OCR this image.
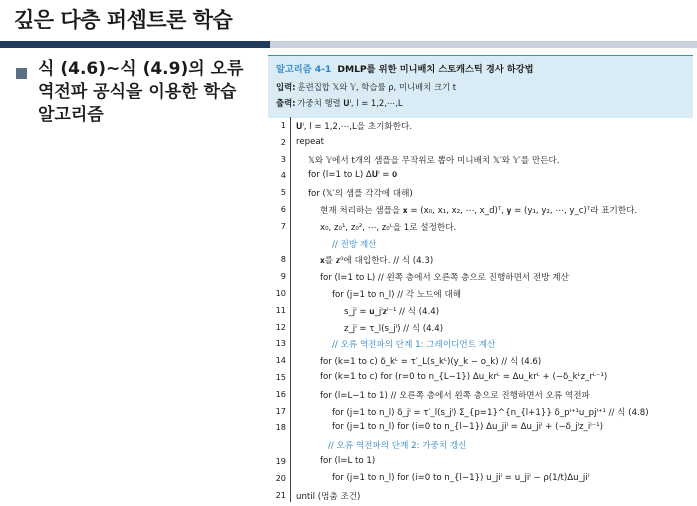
깊은 다층 퍼셉트론 학습
식 (4.6)~식 (4.9)의 오류 역전파 공식을 이용한 학습 알고리즘
알고리즘 4-1 DMLP를 위한 미니배치 스토캐스틱 경사 하강법
입력: 훈련집합 𝕏와 𝕐, 학습률 ρ, 미니배치 크기 t
출력: 가중치 행렬 𝐔ˡ, l = 1,2,⋯,L
1 𝐔ˡ, l = 1,2,⋯,L을 초기화한다.
2 repeat
3	𝕏와 𝕐에서 t개의 샘플을 무작위로 뽑아 미니배치 𝕏′와 𝕐′를 만든다.
4	for (l=1 to L) Δ𝐔ˡ = 𝟎
5	for (𝕏′의 샘플 각각에 대해)
6	현재 처리하는 샘플을 𝐱 = (x₀, x₁, x₂, ⋯, x_d)ᵀ, 𝐲 = (y₁, y₂, ⋯, y_c)ᵀ라 표기한다.
7	x₀, z₀¹, z₀², ⋯, z₀ᴸ을 1로 설정한다.
// 전방 계산
8	𝐱를 𝐳⁰에 대입한다. // 식 (4.3)
9	for (l=1 to L) // 왼쪽 층에서 오른쪽 층으로 진행하면서 전방 계산
10	for (j=1 to n_l) // 각 노드에 대해
11	s_jˡ = 𝐮_jˡ𝐳ˡ⁻¹ // 식 (4.4)
12	z_jˡ = τ_l(s_jˡ) // 식 (4.4)
13	// 오류 역전파의 단계 1: 그레이디언트 계산
14	for (k=1 to c) δ_kᴸ = τ′_L(s_kᴸ)(y_k − o_k) // 식 (4.6)
15	for (k=1 to c) for (r=0 to n_{L−1}) Δu_krᴸ = Δu_krᴸ + (−δ_kᴸz_rᴸ⁻¹)
16	for (l=L−1 to 1) // 오른쪽 층에서 왼쪽 층으로 진행하면서 오류 역전파
17	for (j=1 to n_l) δ_jˡ = τ′_l(s_jˡ) Σ_{p=1}^{n_{l+1}} δ_pˡ⁺¹u_pjˡ⁺¹ // 식 (4.8)
18	for (j=1 to n_l) for (i=0 to n_{l−1}) Δu_jiˡ = Δu_jiˡ + (−δ_jˡz_iˡ⁻¹)
// 오류 역전파의 단계 2: 가중치 갱신
19	for (l=L to 1)
20	for (j=1 to n_l) for (i=0 to n_{l−1}) u_jiˡ = u_jiˡ − ρ(1/t)Δu_jiˡ
21 until (멈춤 조건)
